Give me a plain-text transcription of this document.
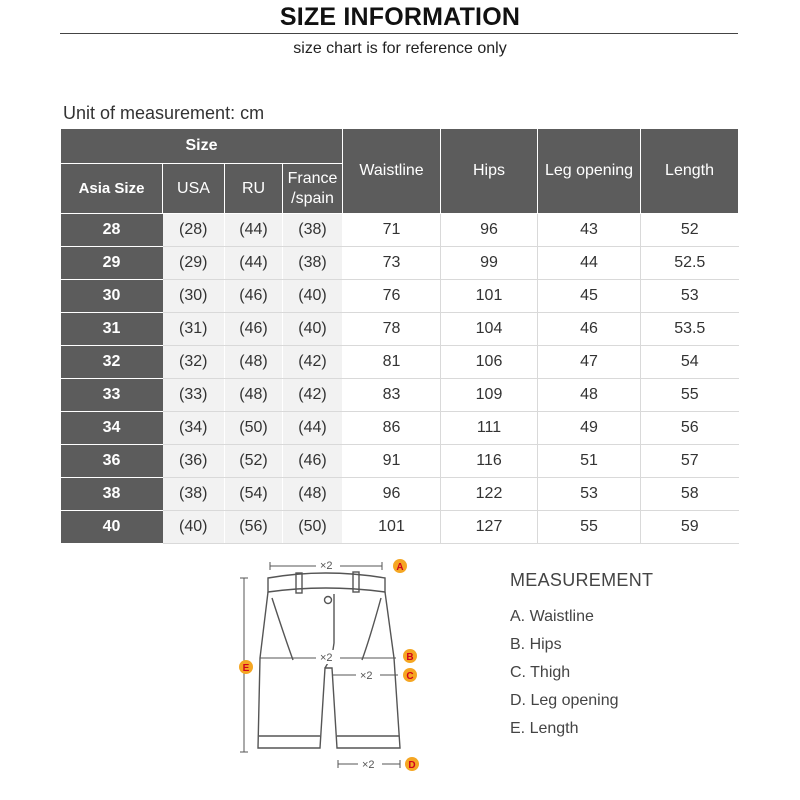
SIZE INFORMATION
size chart is for reference only
Unit of measurement: cm
Size				Waistline	Hips	Leg opening	Length
Asia Size	USA	RU	France
/spain				
28	(28)	(44)	(38)	71	96	43	52
29	(29)	(44)	(38)	73	99	44	52.5
30	(30)	(46)	(40)	76	101	45	53
31	(31)	(46)	(40)	78	104	46	53.5
32	(32)	(48)	(42)	81	106	47	54
33	(33)	(48)	(42)	83	109	48	55
34	(34)	(50)	(44)	86	111	49	56
36	(36)	(52)	(46)	91	116	51	57
38	(38)	(54)	(48)	96	122	53	58
40	(40)	(56)	(50)	101	127	55	59
×2
×2
×2
×2
A
B
C
D
E
MEASUREMENT
A. Waistline
B. Hips
C. Thigh
D. Leg opening
E. Length
